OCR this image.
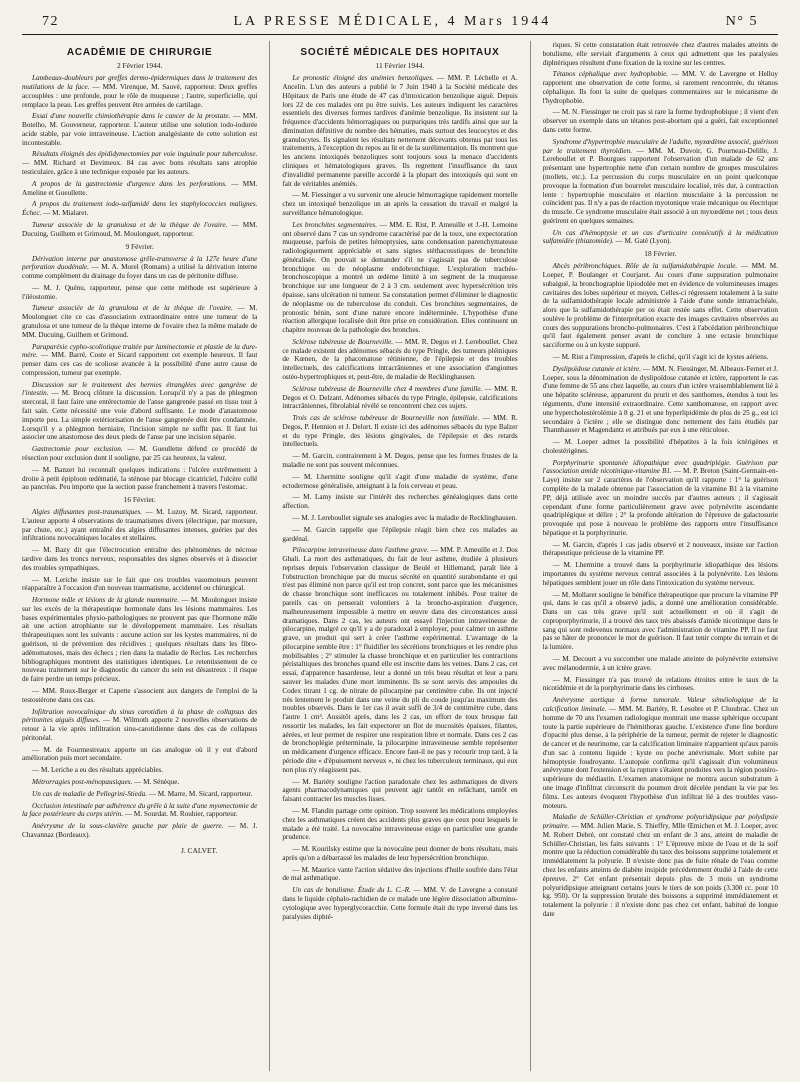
72	LA PRESSE MÉDICALE, 4 Mars 1944	N° 5
ACADÉMIE DE CHIRURGIE
2 Février 1944.

Lambeaux-doubleurs par greffes dermo-épidermiques dans le traitement des mutilations de la face. — MM. Virenque, M. Sauvé, rapporteur. Deux greffes accouplées : une profonde, pour le rôle de muqueuse ; l'autre, superficielle, qui remplace la peau. Les greffes peuvent être armées de cartilage.

Essai d'une nouvelle chimiothérapie dans le cancer de la prostate. — MM. Botelho, M. Gouverneur, rapporteur. L'auteur utilise une solution iodo-iodurée acide stable, par voie intraveineuse. L'action analgésiante de cette solution est incontestable.

Résultats éloignés des épididymectomies par voie inguinale pour tuberculose. — MM. Richard et Devimeux. 84 cas avec bons résultats sans atrophie testiculaire, grâce à une technique exposée par les auteurs.

A propos de la gastrectomie d'urgence dans les perforations. — MM. Ameline et Gueullette.

A propos du traitement iodo-sulfamidé dans les staphylococcies malignes. Échec. — M. Mialaret.

Tumeur associée de la granulosa et de la thèque de l'ovaire. — MM. Ducuing, Guilhem et Grimoud, M. Moulonguet, rapporteur.

9 Février.

Dérivation interne par anastomose grêle-transverse à la 127e heure d'une perforation duodénale. — M. A. Morel (Romans) a utilisé la dérivation interne comme complément du drainage du foyer dans un cas de péritonite diffuse.

— M. J. Quénu, rapporteur, pense que cette méthode est supérieure à l'iléostomie.

Tumeur associée de la granulosa et de la thèque de l'ovaire. — M. Moulonguet cite ce cas d'association extraordinaire entre une tumeur de la granulosa et une tumeur de la thèque interne de l'ovaire chez la même malade de MM. Ducuing, Guilhem et Grimoud.

Paraparésie cypho-scoliotique traitée par laminectomie et plastie de la dure-mère. — MM. Barré, Coste et Sicard rapportent cet exemple heureux. Il faut penser dans ces cas de scoliose avancée à la possibilité d'une autre cause de compression, tumeur par exemple.

Discussion sur le traitement des hernies étranglées avec gangrène de l'intestin. — M. Brocq clôture la discussion. Lorsqu'il n'y a pas de phlegmon stercoral, il faut faire une entérectomie de l'anse gangrenée passé en tissu tout à fait sain. Cette nécessité une voie d'abord suffisante. Le mode d'anastomose importe peu. La simple extériorisation de l'anse gangrenée doit être condamnée. Lorsqu'il y a phlegmon herniaire, l'incision simple ne suffit pas. Il faut lui associer une anastomose des deux pieds de l'anse par une incision séparée.

Gastrectomie pour exclusion. — M. Gueullette défend ce procédé de résection pour exclusion dont il souligne, par 25 cas heureux, la valeur.

— M. Banzet lui reconnaît quelques indications : l'ulcère extrêmement à droite à petit épiploon œdématié, la sténose par blocage cicatriciel, l'ulcère collé au pancréas. Peu importe que la section passe franchement à travers l'estomac.

16 Février.

Algies diffusantes post-traumatiques. — M. Luzuy, M. Sicard, rapporteur. L'auteur apporte 4 observations de traumatismes divers (électrique, par morsure, par chute, etc.) ayant entraîné des algies diffusantes intenses, guéries par des infiltrations novocaïniques locales et stellaires.

— M. Bazy dit que l'électrocution entraîne des phénomènes de nécrose tardive dans les troncs nerveux, responsables des signes observés et à dissocier des troubles sympathiques.

— M. Leriche insiste sur le fait que ces troubles vasomoteurs peuvent réapparaître à l'occasion d'un nouveau traumatisme, accidentel ou chirurgical.

Hormone mâle et lésions de la glande mammaire. — M. Moulonguet insiste sur les excès de la thérapeutique hormonale dans les lésions mammaires. Les bases expérimentales physio-pathologiques ne prouvent pas que l'hormone mâle ait une action atrophiante sur le développement mammaire. Les résultats thérapeutiques sont les suivants : aucune action sur les kystes mammaires, ni de guérison, ni de prévention des récidives ; quelques résultats dans les fibro-adénomatoses, mais des échecs ; rien dans la maladie de Reclus. Les recherches bibliographiques montrent des statistiques identiques. Le retentissement de ce nouveau traitement sur le diagnostic du cancer du sein est désastreux : il risque de faire perdre un temps précieux.

— MM. Roux-Berger et Capette s'associent aux dangers de l'emploi de la testostérone dans ces cas.

Infiltration novocaïnique du sinus carotidien à la phase de collapsus des péritonites aiguës diffuses. — M. Wilmoth apporte 2 nouvelles observations de retour à la vie après infiltration sinu-carotidienne dans des cas de collapsus péritonéal.

— M. de Fourmestreaux apporte un cas analogue où il y eut d'abord amélioration puis mort secondaire.

— M. Leriche a eu des résultats appréciables.

Métrorragies post-ménopausiques. — M. Sénèque.

Un cas de maladie de Pellegrini-Stieda. — M. Marre, M. Sicard, rapporteur.

Occlusion intestinale par adhérence du grêle à la suite d'une myomectomie de la face postérieure du corps utérin. — M. Sourdat. M. Rouhier, rapporteur.

Anévrysme de la sous-clavière gauche par plaie de guerre. — M. J. Chavannaz (Bordeaux).

J. CALVET.
SOCIÉTÉ MÉDICALE DES HOPITAUX
11 Février 1944.

Le pronostic éloigné des anémies benzoliques. — MM. P. Léchelle et A. Ancelin. L'un des auteurs a publié le 7 Juin 1940 à la Société médicale des Hôpitaux de Paris une étude de 47 cas d'intoxication benzolique aiguë. Depuis lors 22 de ces malades ont pu être suivis. Les auteurs indiquent les caractères essentiels des diverses formes tardives d'anémie benzolique. Ils insistent sur la fréquence d'accidents hémorragiques ou purpuriques très tardifs ainsi que sur la diminution définitive du nombre des hématies, mais surtout des leucocytes et des granulocytes. Ils signalent les résultats nettement décevants obtenus par tous les traitements, à l'exception du repos au lit et de la surélimentation. Ils montrent que les anciens intoxiqués benzoliques sont toujours sous la menace d'accidents cliniques et hématologiques graves. Ils regrettent l'insuffisance du taux d'invalidité permanente pareille accordé à la plupart des intoxiqués qui sont en fait de véritables anémiés.

— M. Fiessinger a vu survenir une aleucie hémorragique rapidement mortelle chez un intoxiqué benzolique un an après la cessation du travail et malgré la surveillance hématologique.

Les bronchites segmentaires. — MM. E. Rist, P. Ameuille et J.-H. Lemoine ont observé dans 7 cas un syndrome caractérisé par de la toux, une expectoration muqueuse, parfois de petites hémoptysies, sans condensation parenchymateuse radiologiquement appréciable et sans signes stéthacoustiques de bronchite généralisée. On pouvait se demander s'il ne s'agissait pas de tuberculose bronchique ou de néoplasme endobronchique. L'exploration trachéo-bronchoscopique a montré un œdème limité à un segment de la muqueuse bronchique sur une longueur de 2 à 3 cm. seulement avec hypersécrétion très épaisse, sans ulcération ni tumeur. Sa constatation permet d'éliminer le diagnostic de néoplasme ou de tuberculose du conduit. Ces bronchites segmentaires, de pronostic bénin, sont d'une nature encore indéterminée. L'hypothèse d'une réaction allergique localisée doit être prise en considération. Elles continuent un chapitre nouveau de la pathologie des bronches.

Sclérose tubéreuse de Bourneville. — MM. R. Degos et J. Lereboullet. Chez ce malade existent des adénomes sébacés du type Pringle, des tumeurs pléiniques de Kœnen, de la phacomatose rétinienne, de l'épilepsie et des troubles intellectuels, des calcifications intracrâniennes et une association d'angiomes ostéo-hypertrophiques et, peut-être, de maladie de Recklinghausen.

Sclérose tubéreuse de Bourneville chez 4 membres d'une famille. — MM. R. Degos et O. Delzant. Adénomes sébacés du type Pringle, épilepsie, calcifications intracrâniennes, fibrolabial révélé se rencontrent chez ces sujets.

Trois cas de sclérose tubéreuse de Bourneville non familiale. — MM. R. Degos, P. Hennion et J. Delort. Il existe ici des adénomes sébacés du type Balzer et du type Pringle, des lésions gingivales, de l'épilepsie et des retards intellectuels.

— M. Garcin, contrairement à M. Degos, pense que les formes frustes de la maladie ne sont pas souvent méconnues.

— M. Lhermitte souligne qu'il s'agit d'une maladie de système, d'une ectodermose généralisée, atteignant à la fois cerveau et peau.

— M. Lamy insiste sur l'intérêt des recherches généalogiques dans cette affection.

— M. J. Lereboullet signale ses analogies avec la maladie de Recklinghausen.

— M. Garcin rappelle que l'épilepsie réagit bien chez ces malades au gardénal.

Pilocarpine intraveineuse dans l'asthme grave. — MM. P. Ameuille et J. Dos Ghali. La mort des asthmatiques, du fait de leur asthme, étudiée à plusieurs reprises depuis l'observation classique de Beulé et Hillemand, paraît liée à l'obstruction bronchique par du mucus sécrété en quantité surabondante et qui n'est pas éliminé non parce qu'il est trop concret, sont parce que les mécanismes de chasse bronchique sont inefficaces ou totalement inhibés. Pour traiter de pareils cas on penserait volontiers à la broncho-aspiration d'urgence, malheureusement impossible à mettre en œuvre dans des circonstances aussi dramatiques. Dans 2 cas, les auteurs ont essayé l'injection intraveineuse de pilocarpine, malgré ce qu'il y a de paradoxal à employer, pour calmer un asthme grave, un produit qui sert à créer l'asthme expérimental. L'avantage de la pilocarpine semble être : 1° fluidifier les sécrétions bronchiques et les rendre plus mobilisables ; 2° stimuler la chasse bronchique et en particulier les contractions péristaltiques des bronches quand elle est inscrite dans les veines. Dans 2 cas, cet essai, d'apparence hasardeuse, leur a donné un très beau résultat et leur a paru sauver les malades d'une mort imminente. Ils se sont servis des ampoules du Codex titrant 1 cg. de nitrate de pilocarpine par centimètre cube. Ils ont injecté très lentement le produit dans une veine du pli du coude jusqu'au maximum des troubles observés. Dans le 1er cas il avait suffi de 3/4 de centimètre cube, dans l'autre 1 cm³. Aussitôt après, dans les 2 cas, un effort de toux brusque fait ressortir les malades, les fait expectorer un flot de mucosités épaisses, filantes, aérées, et leur permet de respirer une respiration libre et normale. Dans ces 2 cas de bronchoplégie préterminale, la pilocarpine intraveineuse semble représenter un médicament d'urgence efficace. Encore faut-il ne pas y recourir trop tard, à la période dite « d'épuisement nerveux », ni chez les tuberculeux terminaux, qui eux non plus n'y réagissent pas.

— M. Bariéty souligne l'action paradoxale chez les asthmatiques de divers agents pharmacodynamiques qui peuvent agir tantôt en relâchant, tantôt en faisant contracter les muscles lisses.

— M. Flandin partage cette opinion. Trop souvent les médications employées chez les asthmatiques créent des accidents plus graves que ceux pour lesquels le malade a été traité. La novocaïne intraveineuse exige en particulier une grande prudence.

— M. Kourilsky estime que la novocaïne peut donner de bons résultats, mais après qu'on a débarrassé les malades de leur hypersécrétion bronchique.

— M. Maurice vante l'action sédative des injections d'huile soufrée dans l'état de mal asthmatique.

Un cas de botulisme. Étude du L. C.-R. — MM. V. de Lavergne a constaté dans le liquide céphalo-rachidien de ce malade une légère dissociation albumino-cytologique avec hyperglycoracchie. Cette formule était du type inversé dans les paralysies diphté-

riques. Si cette constatation était retrouvée chez d'autres malades atteints de botulisme, elle serviait d'arguments à ceux qui admettent que les paralysies diphtériques résultent d'une fixation de la toxine sur les centres.

Tétanos céphalique avec hydrophobie. — MM. V. de Lavergne et Helluy rapportent une observation de cette forme, si rarement rencontrée, du tétanos céphalique. Ils font la suite de quelques commentaires sur le mécanisme de l'hydrophobie.

— M. N. Fiessinger ne croit pas si rare la forme hydrophobique ; il vient d'en observer un exemple dans un tétanos post-abortum qui a guéri, fait exceptionnel dans cette forme.

Syndrome d'hypertrophie musculaire de l'adulte, myxœdème associé, guérison par le traitement thyroïdien. — MM. M. Duvoir, G. Pourneau-Delille, J. Lereboullet et P. Bourgues rapportent l'observation d'un malade de 62 ans présentant une hypertrophie nette d'un certain nombre de groupes musculaires (mollets, etc.). La percussion du corps musculaire en un point quelconque provoque la formation d'un bourrelet musculaire localisé, très dur, à contraction lente : hypertrophie musculaire et réaction musculaire à la percussion ne coïncident pas. Il n'y a pas de réaction myotonique vraie mécanique ou électrique du muscle. Ce syndrome musculaire était associé à un myxœdème net ; tous deux guérirent en quelques semaines.

Un cas d'hémoptysie et un cas d'urticaire consécutifs à la médication sulfamidée (thiazomide). — M. Gaté (Lyon).

18 Février.

Abcès péribronchiques. Rôle de la sulfamidothérapie locale. — MM. M. Loeper, P. Boulanger et Courjaret. Au cours d'une suppuration pulmonaire subaiguë, la bronchographie lipiodolée met en évidence de volumineuses images cavitaires des lobes supérieur et moyen. Celles-ci régressent totalement à la suite de la sulfamidothérapie locale administrée à l'aide d'une sonde intratrachéale, alors que la sulfamidothérapie per os était restée sans effet. Cette observation soulève le problème de l'interprétation exacte des images cavitaires observées au cours des suppurations broncho-pulmonaires. C'est à l'abcédation péribronchique qu'il faut également penser avant de conclure à une ectasie bronchique sacciforme ou à un kyste suppuré.

— M. Rist a l'impression, d'après le cliché, qu'il s'agit ici de kystes aériens.

Dyslipoïdose cutanée et ictère. — MM. N. Fiessinger, M. Albeaux-Fernet et J. Loeper, sous la dénomination de dyslipoïdose cutanée et ictère, rapportent le cas d'une femme de 55 ans chez laquelle, au cours d'un ictère vraisemblablement lié à une hépatite scléreuse, apparurent du prurit et des xanthomes, étendus à tout les téguments, d'une intensité extraordinaire. Cette xanthomatose, en rapport avec une hypercholestérolémie à 8 g. 21 et une hyperlipidémie de plus de 25 g., est ici secondaire à l'ictère ; elle se distingue donc nettement des faits étudiés par Thannhauser et Magendantz et attribués par eux à une réticulose.

— M. Loeper admet la possibilité d'hépatites à la fois ictérigènes et cholestérigènes.

Porphyrinurie spontanée idiopathique avec quadriplégie. Guérison par l'association amide nicotinique-vitamine B1. — M. P. Breton (Saint-Germain-en-Laye) insiste sur 2 caractères de l'observation qu'il rapporte : 1° la guérison complète de la malade obtenue par l'association de la vitamine B1 à la vitamine PP, déjà utilisée avec un moindre succès par d'autres auteurs ; il s'agissait cependant d'une forme particulièrement grave avec polynévrite ascendante quadriplégique et délire ; 2° la profonde altération de l'épreuve de galactosurie provoquée qui pose à nouveau le problème des rapports entre l'insuffisance hépatique et la porphyrinurie.

— M. Garcin, d'après 1 cas jadis observé et 2 nouveaux, insiste sur l'action thérapeutique précieuse de la vitamine PP.

— M. Lhermitte a trouvé dans la porphyrinurie idiopathique des lésions importantes du système nerveux central associées à la polynévrite. Les lésions hépatiques semblent jouer un rôle dans l'intoxication du système nerveux.

— M. Mollaret souligne le bénéfice thérapeutique que procure la vitamine PP qui, dans le cas qu'il a observé jadis, a donné une amélioration considérable. Dans un cas très grave qu'il suit actuellement et où il s'agit de coproporphyrinurie, il a trouvé des taux très abaissés d'amide nicotinique dans le sang qui sont redevenus normaux avec l'administration de vitamine PP. Il ne faut pas se hâter de prononcer le mot de guérison. Il faut tenir compte du terrain et de la lumière.

— M. Decourt a vu succomber une malade atteinte de polynévrite extensive avec mélanodermie, à un ictère grave.

— M. Fiessinger n'a pas trouvé de relations étroites entre le taux de la nicotidémie et de la porphyrinurie dans les cirrhoses.

Anévrysme aortique à forme tumorale. Valeur séméiologique de la calcification liminale. — MM. M. Bariéty, R. Lesobre et P. Choubrac. Chez un homme de 70 ans l'examen radiologique montrait une masse sphérique occupant toute la partie supérieure de l'hémithorax gauche. L'existence d'une fine bordure d'opacité plus dense, à la périphérie de la tumeur, permit de rejeter le diagnostic de cancer et de neurinome, car la calcification liminaire n'appartient qu'aux parois d'un sac à contenu liquide : kyste ou poche anévrismale. Mort subite par hémoptysie foudroyante. L'autopsie confirma qu'il s'agissait d'un volumineux anévrysme dont l'extension et la rupture s'étaient produites vers la région postéro-supérieure du médiastin. L'examen anatomique ne montra aucun substratum à une image d'infiltrat circonscrit du poumon droit décelée pendant la vie par les films. Les auteurs évoquent l'hypothèse d'un infiltrat lié à des troubles vaso-moteurs.

Maladie de Schüller-Christian et syndrome polyuridipsique par polydipsie primaire. — MM. Julien Marie, S. Thieffry, Mlle Œmichen et M. J. Loeper, avec M. Robert Debré, ont constaté chez un enfant de 3 ans, atteint de maladie de Schüller-Christian, les faits suivants : 1° L'épreuve mixte de l'eau et de la soif montre que la réduction considérable du taux des boissons supprime totalement et immédiatement la polyurie. Il n'existe donc pas de fuite rénale de l'eau comme chez les enfants atteints de diabète insipide précédemment étudié à l'aide de cette épreuve. 2° Cet enfant présentait depuis plus de 3 mois un syndrome polyuridipsique atteignant certains jours le tiers de son poids (3.300 cc. pour 10 kg. 950). Or la suppression brutale des boissons a supprimé immédiatement et totalement la polyurie : il n'existe donc pas chez cet enfant, habitué de longue date
